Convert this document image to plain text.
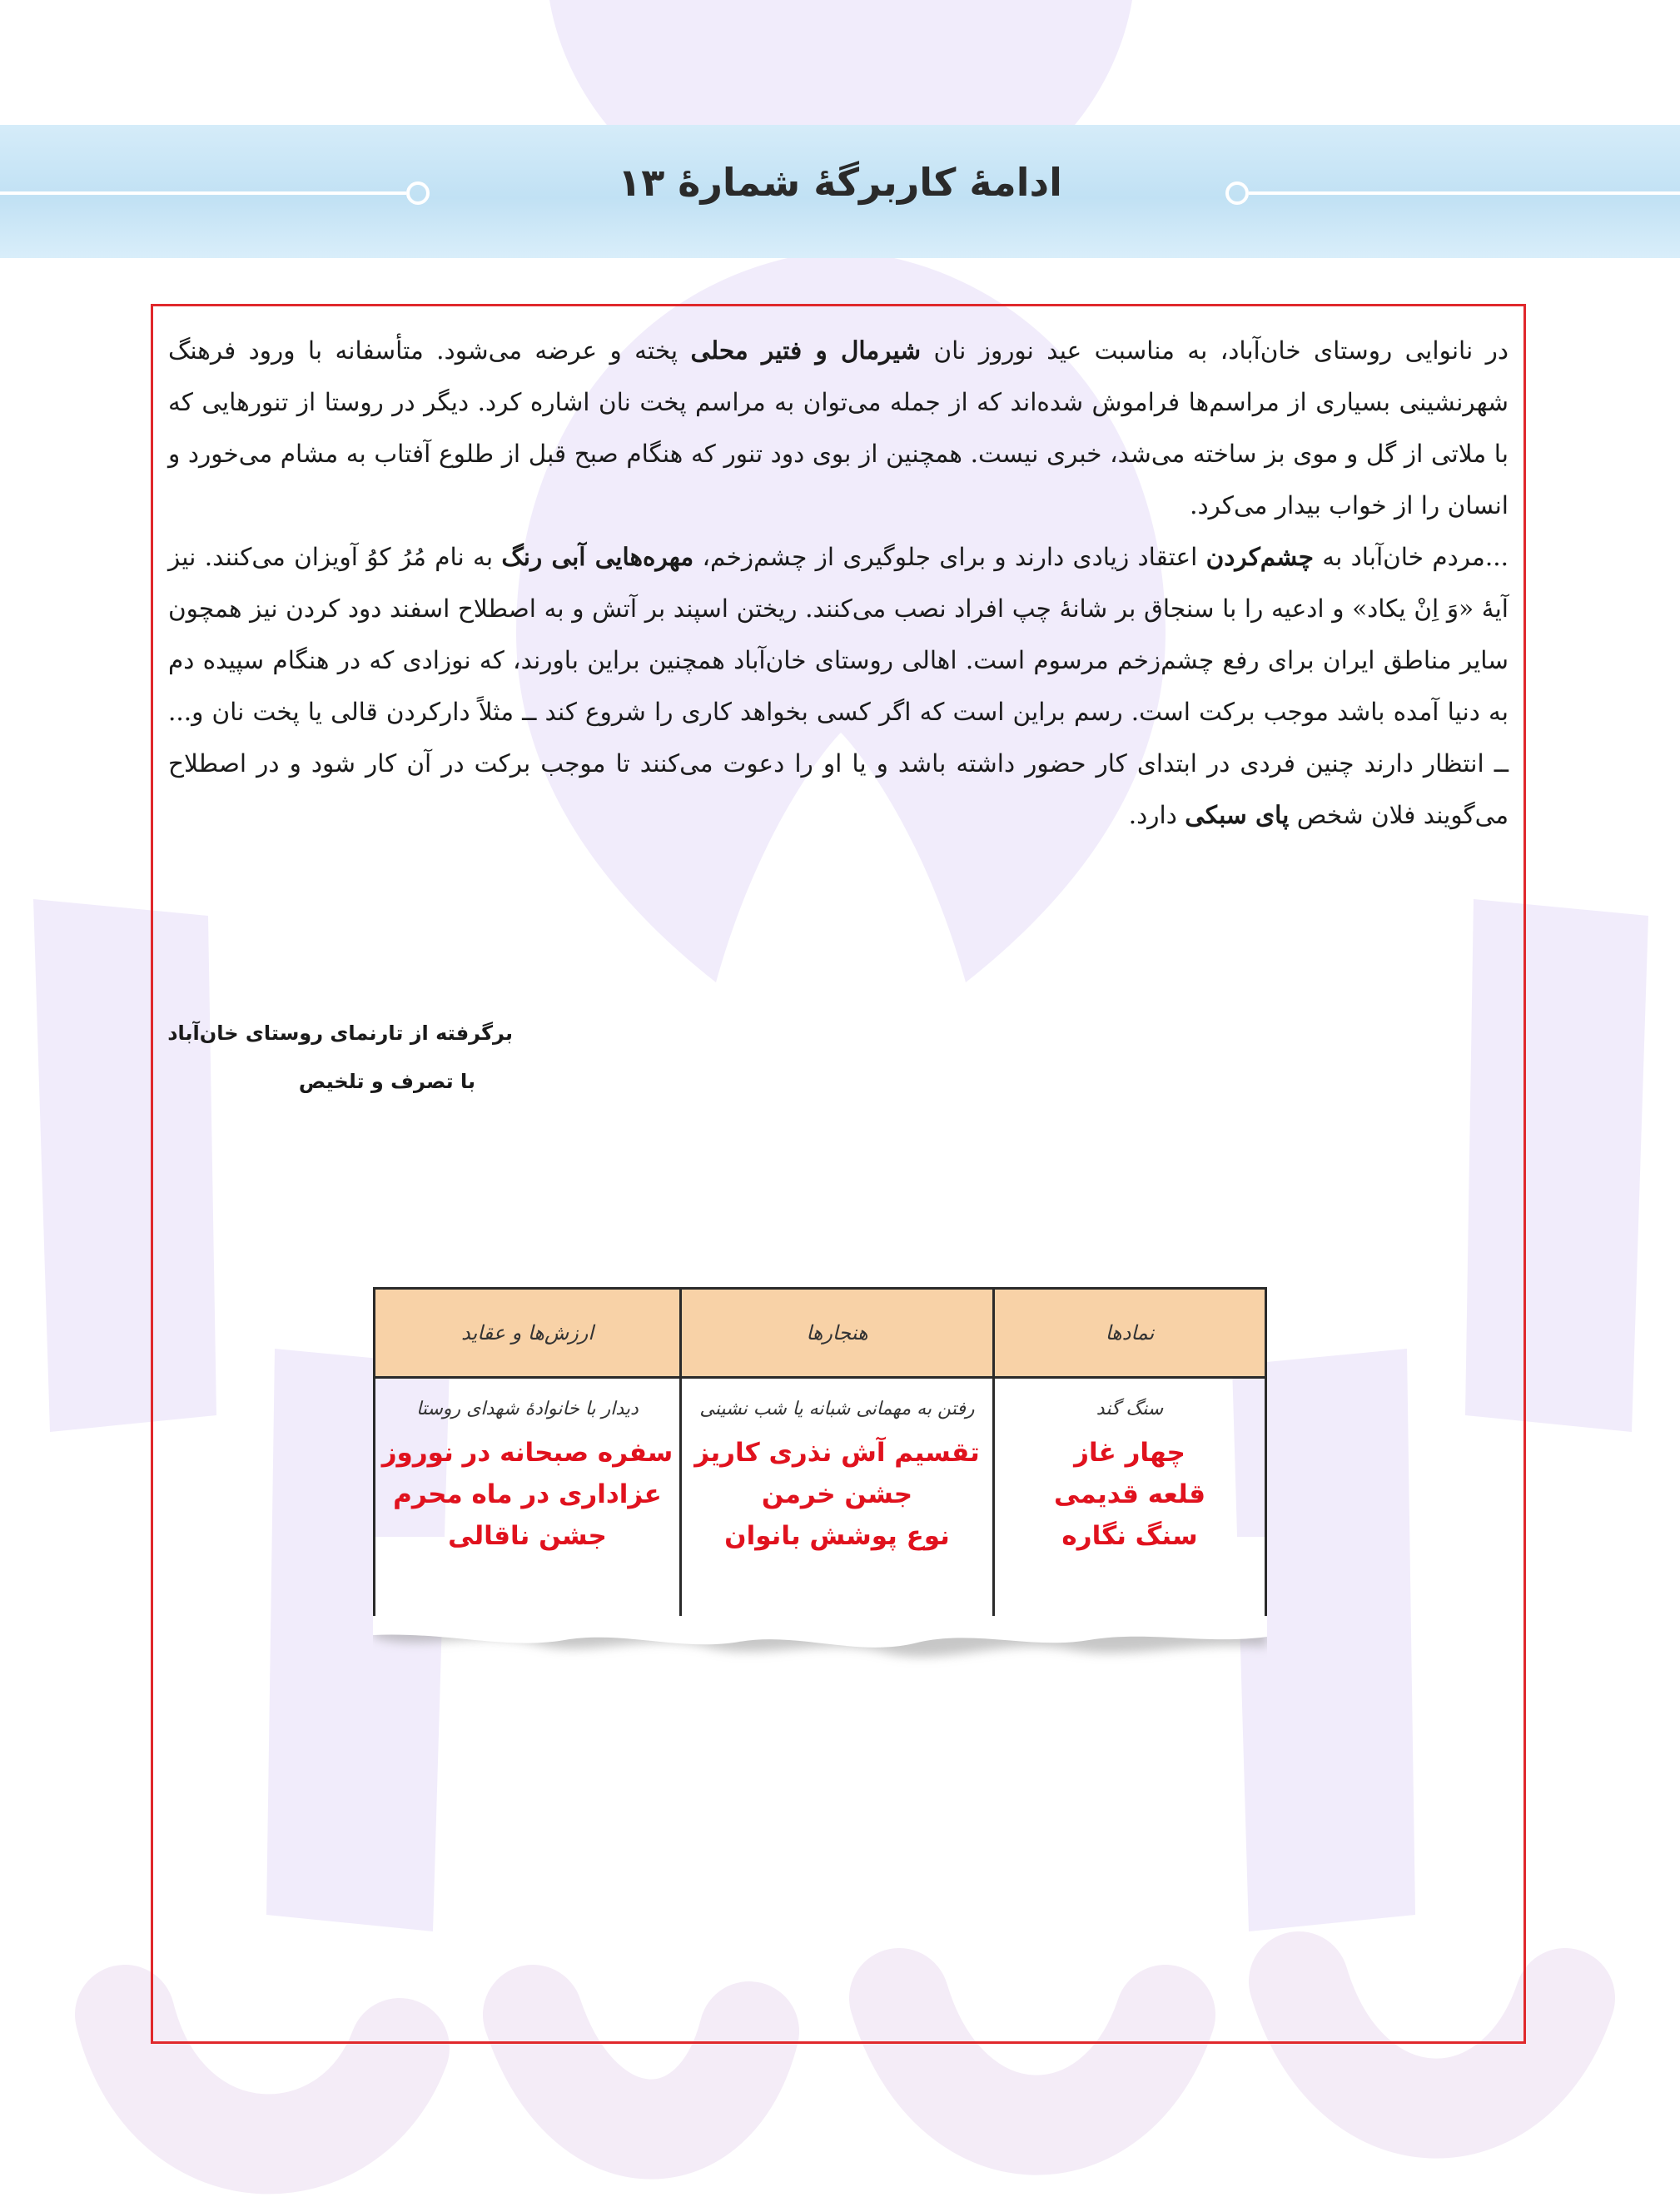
ادامهٔ کاربرگهٔ شمارهٔ ۱۳

در نانوایی روستای خان‌آباد، به مناسبت عید نوروز نان شیرمال و فتیر محلی پخته و عرضه می‌شود. متأسفانه با ورود فرهنگ شهرنشینی بسیاری از مراسم‌ها فراموش شده‌اند که از جمله می‌توان به مراسم پخت نان اشاره کرد. دیگر در روستا از تنورهایی که با ملاتی از گل و موی بز ساخته می‌شد، خبری نیست. همچنین از بوی دود تنور که هنگام صبح قبل از طلوع آفتاب به مشام می‌خورد و انسان را از خواب بیدار می‌کرد.

...مردم خان‌آباد به چشم‌کردن اعتقاد زیادی دارند و برای جلوگیری از چشم‌زخم، مهره‌هایی آبی رنگ به نام مُرُ کوُ آویزان می‌کنند. نیز آیهٔ «وَ اِنْ یکاد» و ادعیه را با سنجاق بر شانهٔ چپ افراد نصب می‌کنند. ریختن اسپند بر آتش و به اصطلاح اسفند دود کردن نیز همچون سایر مناطق ایران برای رفع چشم‌زخم مرسوم است. اهالی روستای خان‌آباد همچنین براین باورند، که نوزادی که در هنگام سپیده دم به دنیا آمده باشد موجب برکت است. رسم براین است که اگر کسی بخواهد کاری را شروع کند ــ مثلاً دارکردن قالی یا پخت نان و... ــ انتظار دارند چنین فردی در ابتدای کار حضور داشته باشد و یا او را دعوت می‌کنند تا موجب برکت در آن کار شود و در اصطلاح می‌گویند فلان شخص پای سبکی دارد.

برگرفته از تارنمای روستای خان‌آباد
با تصرف و تلخیص
نمادها
سنگ گند
چهار غاز
قلعه قدیمی
سنگ نگاره
هنجارها
رفتن به مهمانی شبانه یا شب نشینی
تقسیم آش نذری کاریز
جشن خرمن
نوع پوشش بانوان
ارزش‌ها و عقاید
دیدار با خانوادهٔ شهدای روستا
سفره صبحانه در نوروز
عزاداری در ماه محرم
جشن ناقالی
